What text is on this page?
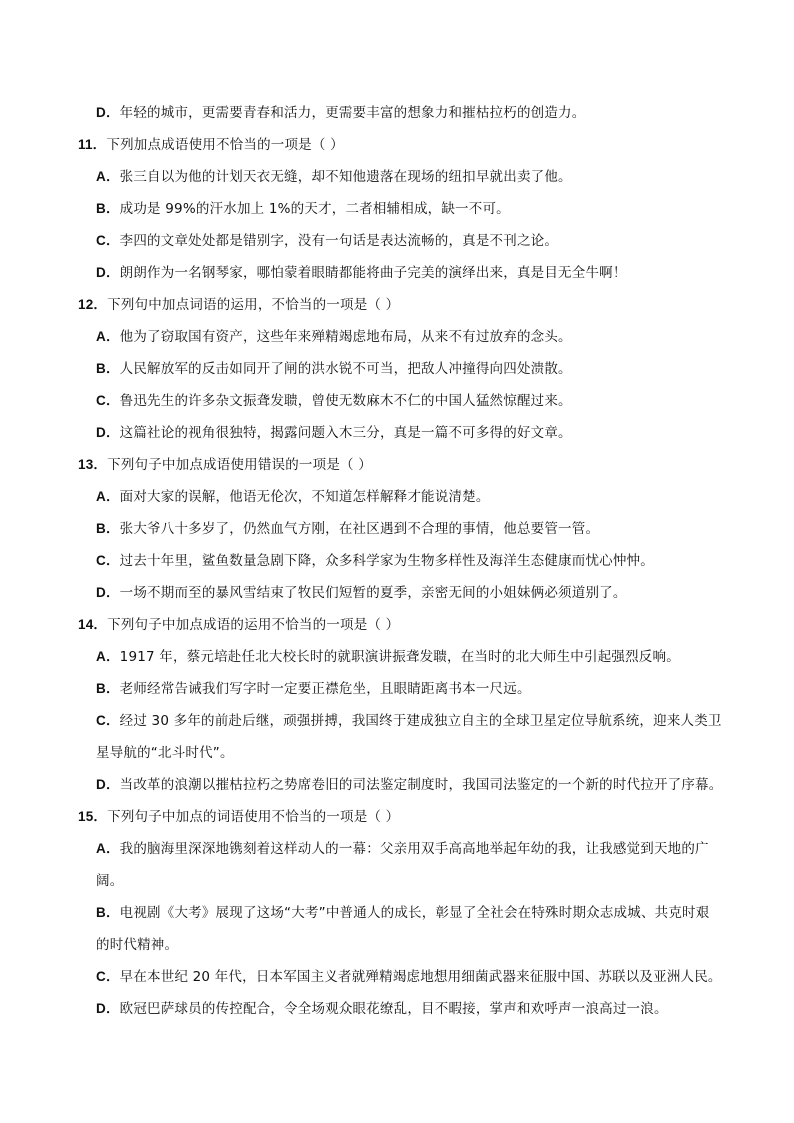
D．年轻的城市，更需要青春和活力，更需要丰富的想象力和摧枯拉朽的创造力。
11．下列加点成语使用不恰当的一项是（ ）
A．张三自以为他的计划天衣无缝，却不知他遗落在现场的纽扣早就出卖了他。
B．成功是 99%的汗水加上 1%的天才，二者相辅相成，缺一不可。
C．李四的文章处处都是错别字，没有一句话是表达流畅的，真是不刊之论。
D．朗朗作为一名钢琴家，哪怕蒙着眼睛都能将曲子完美的演绎出来，真是目无全牛啊！
12．下列句中加点词语的运用，不恰当的一项是（ ）
A．他为了窃取国有资产，这些年来殚精竭虑地布局，从来不有过放弃的念头。
B．人民解放军的反击如同开了闸的洪水锐不可当，把敌人冲撞得向四处溃散。
C．鲁迅先生的许多杂文振聋发聩，曾使无数麻木不仁的中国人猛然惊醒过来。
D．这篇社论的视角很独特，揭露问题入木三分，真是一篇不可多得的好文章。
13．下列句子中加点成语使用错误的一项是（ ）
A．面对大家的误解，他语无伦次，不知道怎样解释才能说清楚。
B．张大爷八十多岁了，仍然血气方刚，在社区遇到不合理的事情，他总要管一管。
C．过去十年里，鲨鱼数量急剧下降，众多科学家为生物多样性及海洋生态健康而忧心忡忡。
D．一场不期而至的暴风雪结束了牧民们短暂的夏季，亲密无间的小姐妹俩必须道别了。
14．下列句子中加点成语的运用不恰当的一项是（ ）
A．1917 年，蔡元培赴任北大校长时的就职演讲振聋发聩，在当时的北大师生中引起强烈反响。
B．老师经常告诫我们写字时一定要正襟危坐，且眼睛距离书本一尺远。
C．经过 30 多年的前赴后继，顽强拼搏，我国终于建成独立自主的全球卫星定位导航系统，迎来人类卫
星导航的“北斗时代”。
D．当改革的浪潮以摧枯拉朽之势席卷旧的司法鉴定制度时，我国司法鉴定的一个新的时代拉开了序幕。
15．下列句子中加点的词语使用不恰当的一项是（ ）
A．我的脑海里深深地镌刻着这样动人的一幕：父亲用双手高高地举起年幼的我，让我感觉到天地的广
阔。
B．电视剧《大考》展现了这场“大考”中普通人的成长，彰显了全社会在特殊时期众志成城、共克时艰
的时代精神。
C．早在本世纪 20 年代，日本军国主义者就殚精竭虑地想用细菌武器来征服中国、苏联以及亚洲人民。
D．欧冠巴萨球员的传控配合，令全场观众眼花缭乱，目不暇接，掌声和欢呼声一浪高过一浪。
